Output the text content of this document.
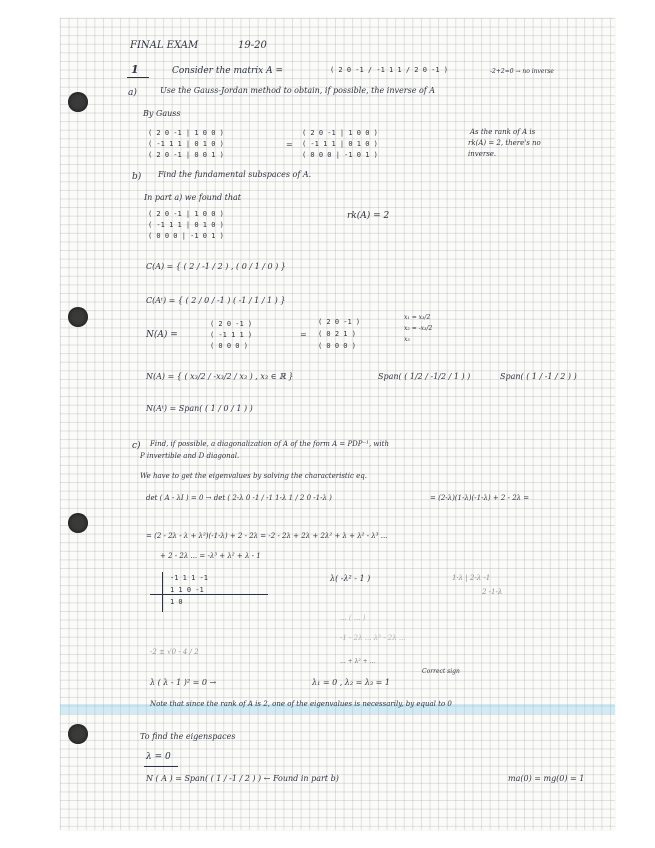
FINAL EXAM	19-20
1	Consider the matrix A =	( 2 0 -1 / -1 1 1 / 2 0 -1 )	-2+2=0 → no inverse
a)	Use the Gauss-Jordan method to obtain, if possible, the inverse of A
By Gauss
( 2 0 -1 | 1 0 0 )
( -1 1 1 | 0 1 0 )
( 2 0 -1 | 0 0 1 )
=
( 2 0 -1 | 1 0 0 )
( -1 1 1 | 0 1 0 )
( 0 0 0 | -1 0 1 )
As the rank of A is
rk(A) = 2, there's no
inverse.
b) Find the fundamental subspaces of A.
In part a) we found that
( 2 0 -1 | 1 0 0 )
( -1 1 1 | 0 1 0 )
( 0 0 0 | -1 0 1 )
rk(A) = 2
C(A) = { ( 2 / -1 / 2 ) , ( 0 / 1 / 0 ) }
C(Aᵗ) = { ( 2 / 0 / -1 ) ( -1 / 1 / 1 ) }
N(A) =
( 2 0 -1 )
( -1 1 1 )
( 0 0 0 )
=
( 2 0 -1 )
( 0 2 1 )
( 0 0 0 )
x₁ = x₃/2
x₂ = -x₃/2
x₃
N(A) = { ( x₃/2 / -x₃/2 / x₃ ) , x₃ ∈ ℝ }	Span( ( 1/2 / -1/2 / 1 ) )	Span( ( 1 / -1 / 2 ) )
N(Aᵗ) = Span( ( 1 / 0 / 1 ) )
c) Find, if possible, a diagonalization of A of the form A = PDP⁻¹, with
P invertible and D diagonal.
We have to get the eigenvalues by solving the characteristic eq.
det ( A - λI ) = 0 → det ( 2-λ 0 -1 / -1 1-λ 1 / 2 0 -1-λ )	= (2-λ)(1-λ)(-1-λ) + 2 - 2λ =
= (2 - 2λ - λ + λ²)(-1-λ) + 2 - 2λ = -2 - 2λ + 2λ + 2λ² + λ + λ² - λ³ ...
+ 2 - 2λ ... = -λ³ + λ² + λ - 1
-1 1 1 -1
1 1 0 -1
1 0
λ( -λ² - 1 )	1·λ | 2-λ -1
2 -1-λ
... ( ... )
-1 - 2λ ... λ³ - 2λ ...
-2 ± √0 - 4 / 2
... + λ² + ...
Correct sign
λ ( λ - 1 )² = 0 →	λ₁ = 0 , λ₂ = λ₃ = 1
Note that since the rank of A is 2, one of the eigenvalues is necessarily, by equal to 0
To find the eigenspaces
λ = 0
N ( A ) = Span( ( 1 / -1 / 2 ) ) ← Found in part b)	ma(0) = mg(0) = 1
